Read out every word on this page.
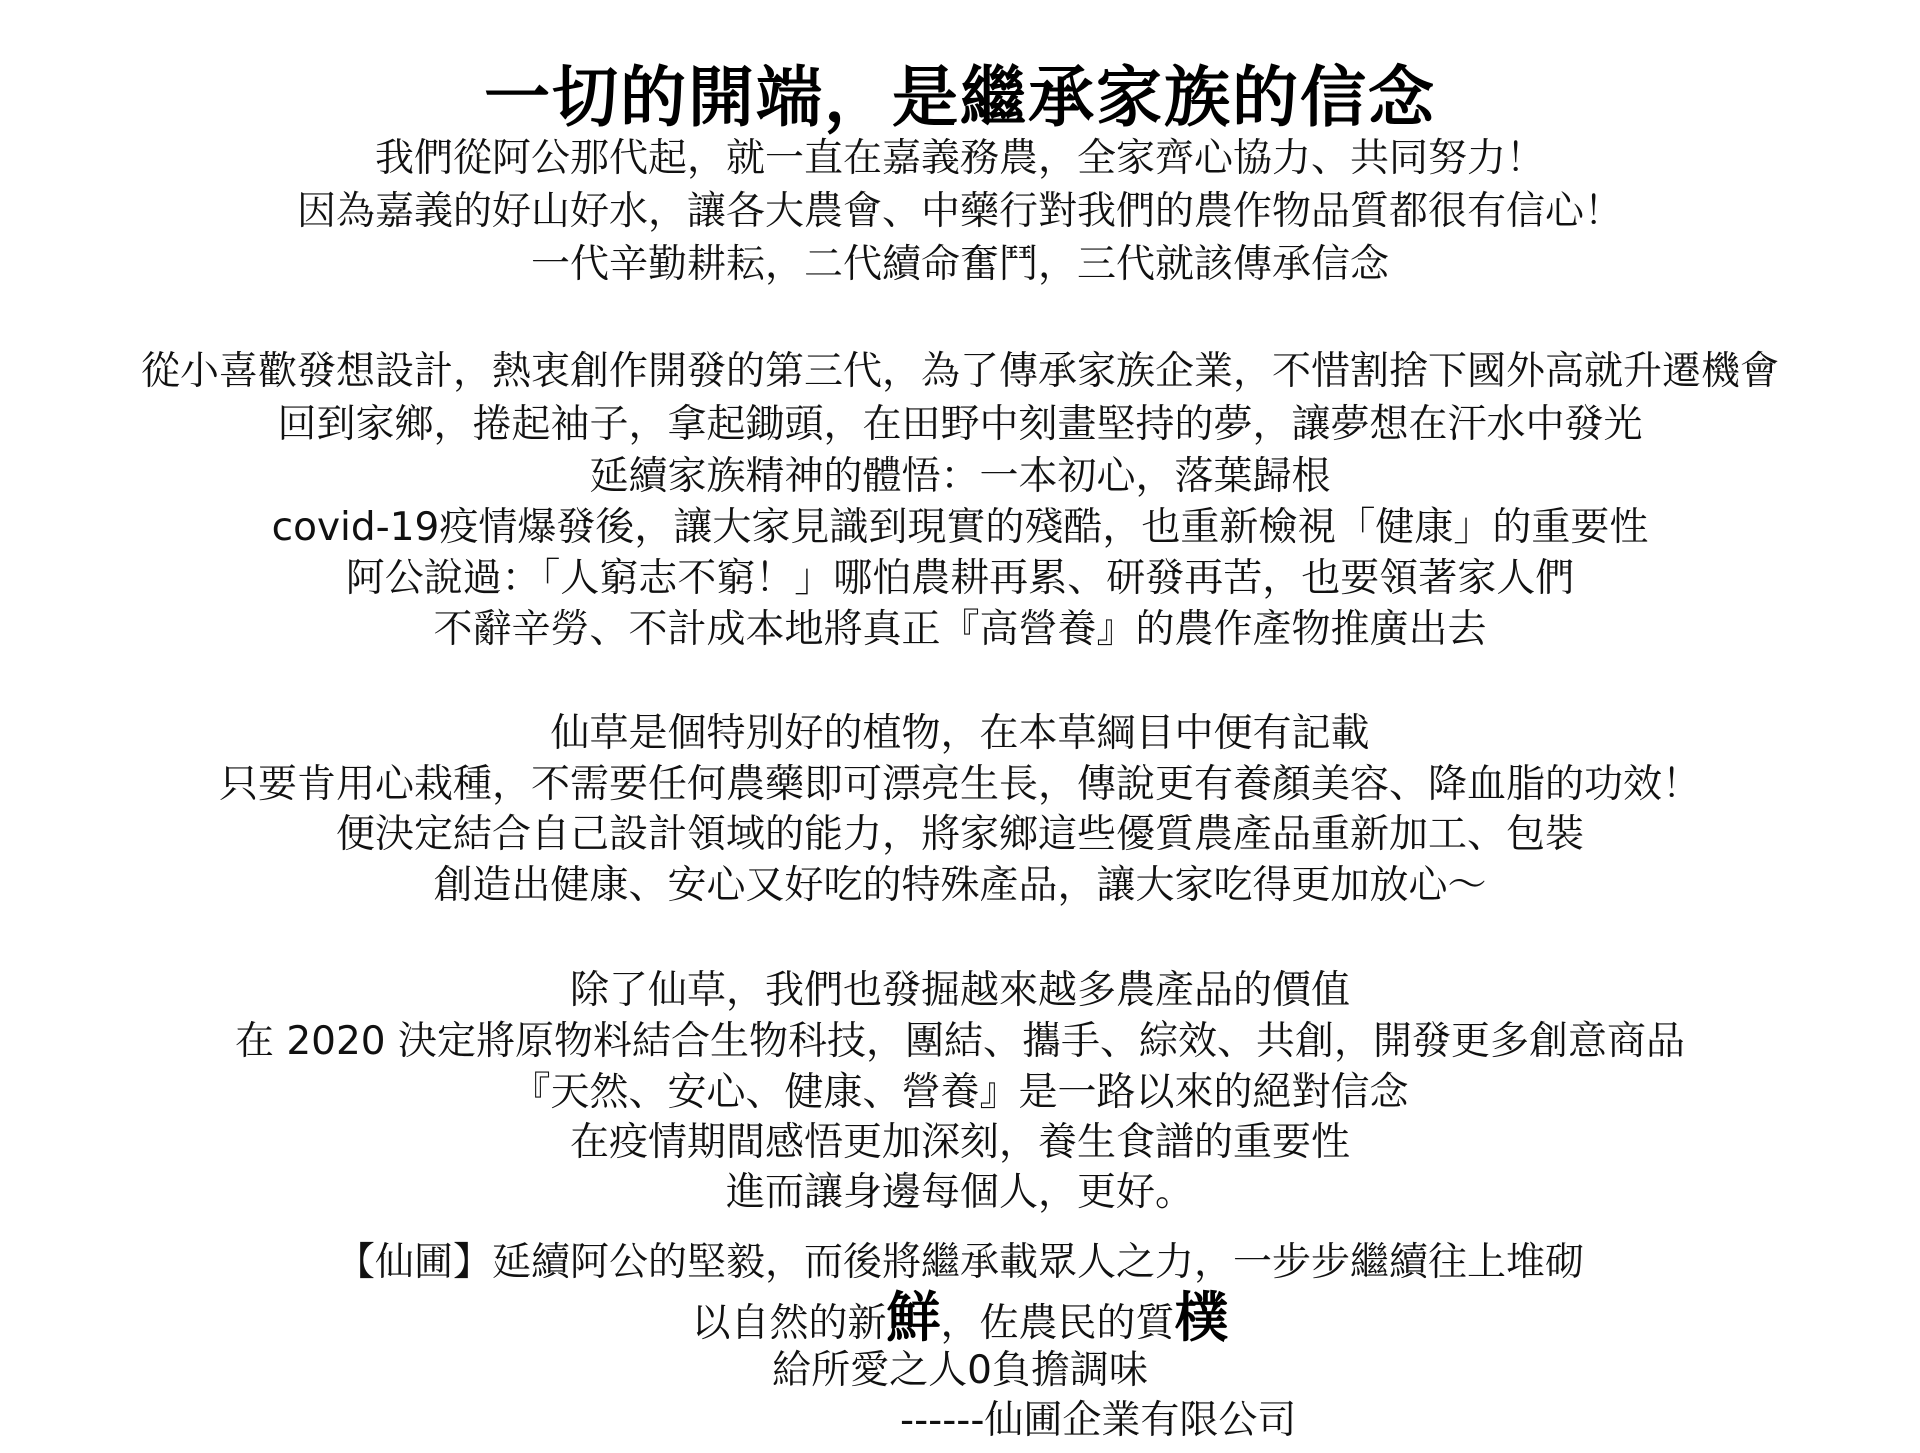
一切的開端，是繼承家族的信念
我們從阿公那代起，就一直在嘉義務農，全家齊心協力、共同努力！
因為嘉義的好山好水，讓各大農會、中藥行對我們的農作物品質都很有信心！
一代辛勤耕耘，二代續命奮鬥，三代就該傳承信念
從小喜歡發想設計，熱衷創作開發的第三代，為了傳承家族企業，不惜割捨下國外高就升遷機會
回到家鄉，捲起袖子，拿起鋤頭，在田野中刻畫堅持的夢，讓夢想在汗水中發光
延續家族精神的體悟：一本初心，落葉歸根
covid-19疫情爆發後，讓大家見識到現實的殘酷，也重新檢視「健康」的重要性
阿公說過：「人窮志不窮！」哪怕農耕再累、研發再苦，也要領著家人們
不辭辛勞、不計成本地將真正『高營養』的農作產物推廣出去
仙草是個特別好的植物，在本草綱目中便有記載
只要肯用心栽種，不需要任何農藥即可漂亮生長，傳說更有養顏美容、降血脂的功效！
便決定結合自己設計領域的能力，將家鄉這些優質農產品重新加工、包裝
創造出健康、安心又好吃的特殊產品，讓大家吃得更加放心～
除了仙草，我們也發掘越來越多農產品的價值
在 2020 決定將原物料結合生物科技，團結、攜手、綜效、共創，開發更多創意商品
『天然、安心、健康、營養』是一路以來的絕對信念
在疫情期間感悟更加深刻，養生食譜的重要性
進而讓身邊每個人，更好。
【仙圃】延續阿公的堅毅，而後將繼承載眾人之力，一步步繼續往上堆砌
以自然的新鮮，佐農民的質樸
給所愛之人0負擔調味
------仙圃企業有限公司
